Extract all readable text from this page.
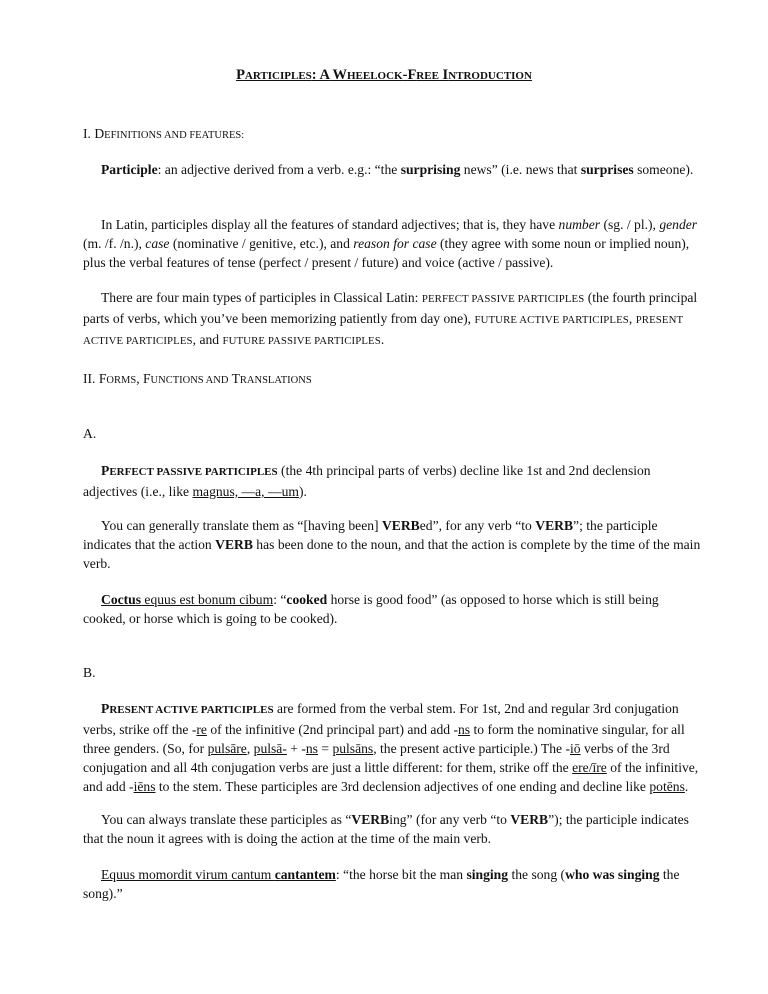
PARTICIPLES: A WHEELOCK-FREE INTRODUCTION
I. DEFINITIONS AND FEATURES:

Participle: an adjective derived from a verb. e.g.: “the surprising news” (i.e. news that surprises someone).

In Latin, participles display all the features of standard adjectives; that is, they have number (sg. / pl.), gender (m. /f. /n.), case (nominative / genitive, etc.), and reason for case (they agree with some noun or implied noun), plus the verbal features of tense (perfect / present / future) and voice (active / passive).

There are four main types of participles in Classical Latin: PERFECT PASSIVE PARTICIPLES (the fourth principal parts of verbs, which you’ve been memorizing patiently from day one), FUTURE ACTIVE PARTICIPLES, PRESENT ACTIVE PARTICIPLES, and FUTURE PASSIVE PARTICIPLES.

II. FORMS, FUNCTIONS AND TRANSLATIONS
A.

PERFECT PASSIVE PARTICIPLES (the 4th principal parts of verbs) decline like 1st and 2nd declension adjectives (i.e., like magnus, —a, —um).

You can generally translate them as “[having been] VERBed”, for any verb “to VERB”; the participle indicates that the action VERB has been done to the noun, and that the action is complete by the time of the main verb.

Coctus equus est bonum cibum: “cooked horse is good food” (as opposed to horse which is still being cooked, or horse which is going to be cooked).

B.

PRESENT ACTIVE PARTICIPLES are formed from the verbal stem. For 1st, 2nd and regular 3rd conjugation verbs, strike off the -re of the infinitive (2nd principal part) and add -ns to form the nominative singular, for all three genders. (So, for pulsāre, pulsā- + -ns = pulsāns, the present active participle.) The -iō verbs of the 3rd conjugation and all 4th conjugation verbs are just a little different: for them, strike off the ere/īre of the infinitive, and add -iēns to the stem. These participles are 3rd declension adjectives of one ending and decline like potēns.

You can always translate these participles as “VERBing” (for any verb “to VERB”); the participle indicates that the noun it agrees with is doing the action at the time of the main verb.

Equus momordit virum cantum cantantem: “the horse bit the man singing the song (who was singing the song).”
